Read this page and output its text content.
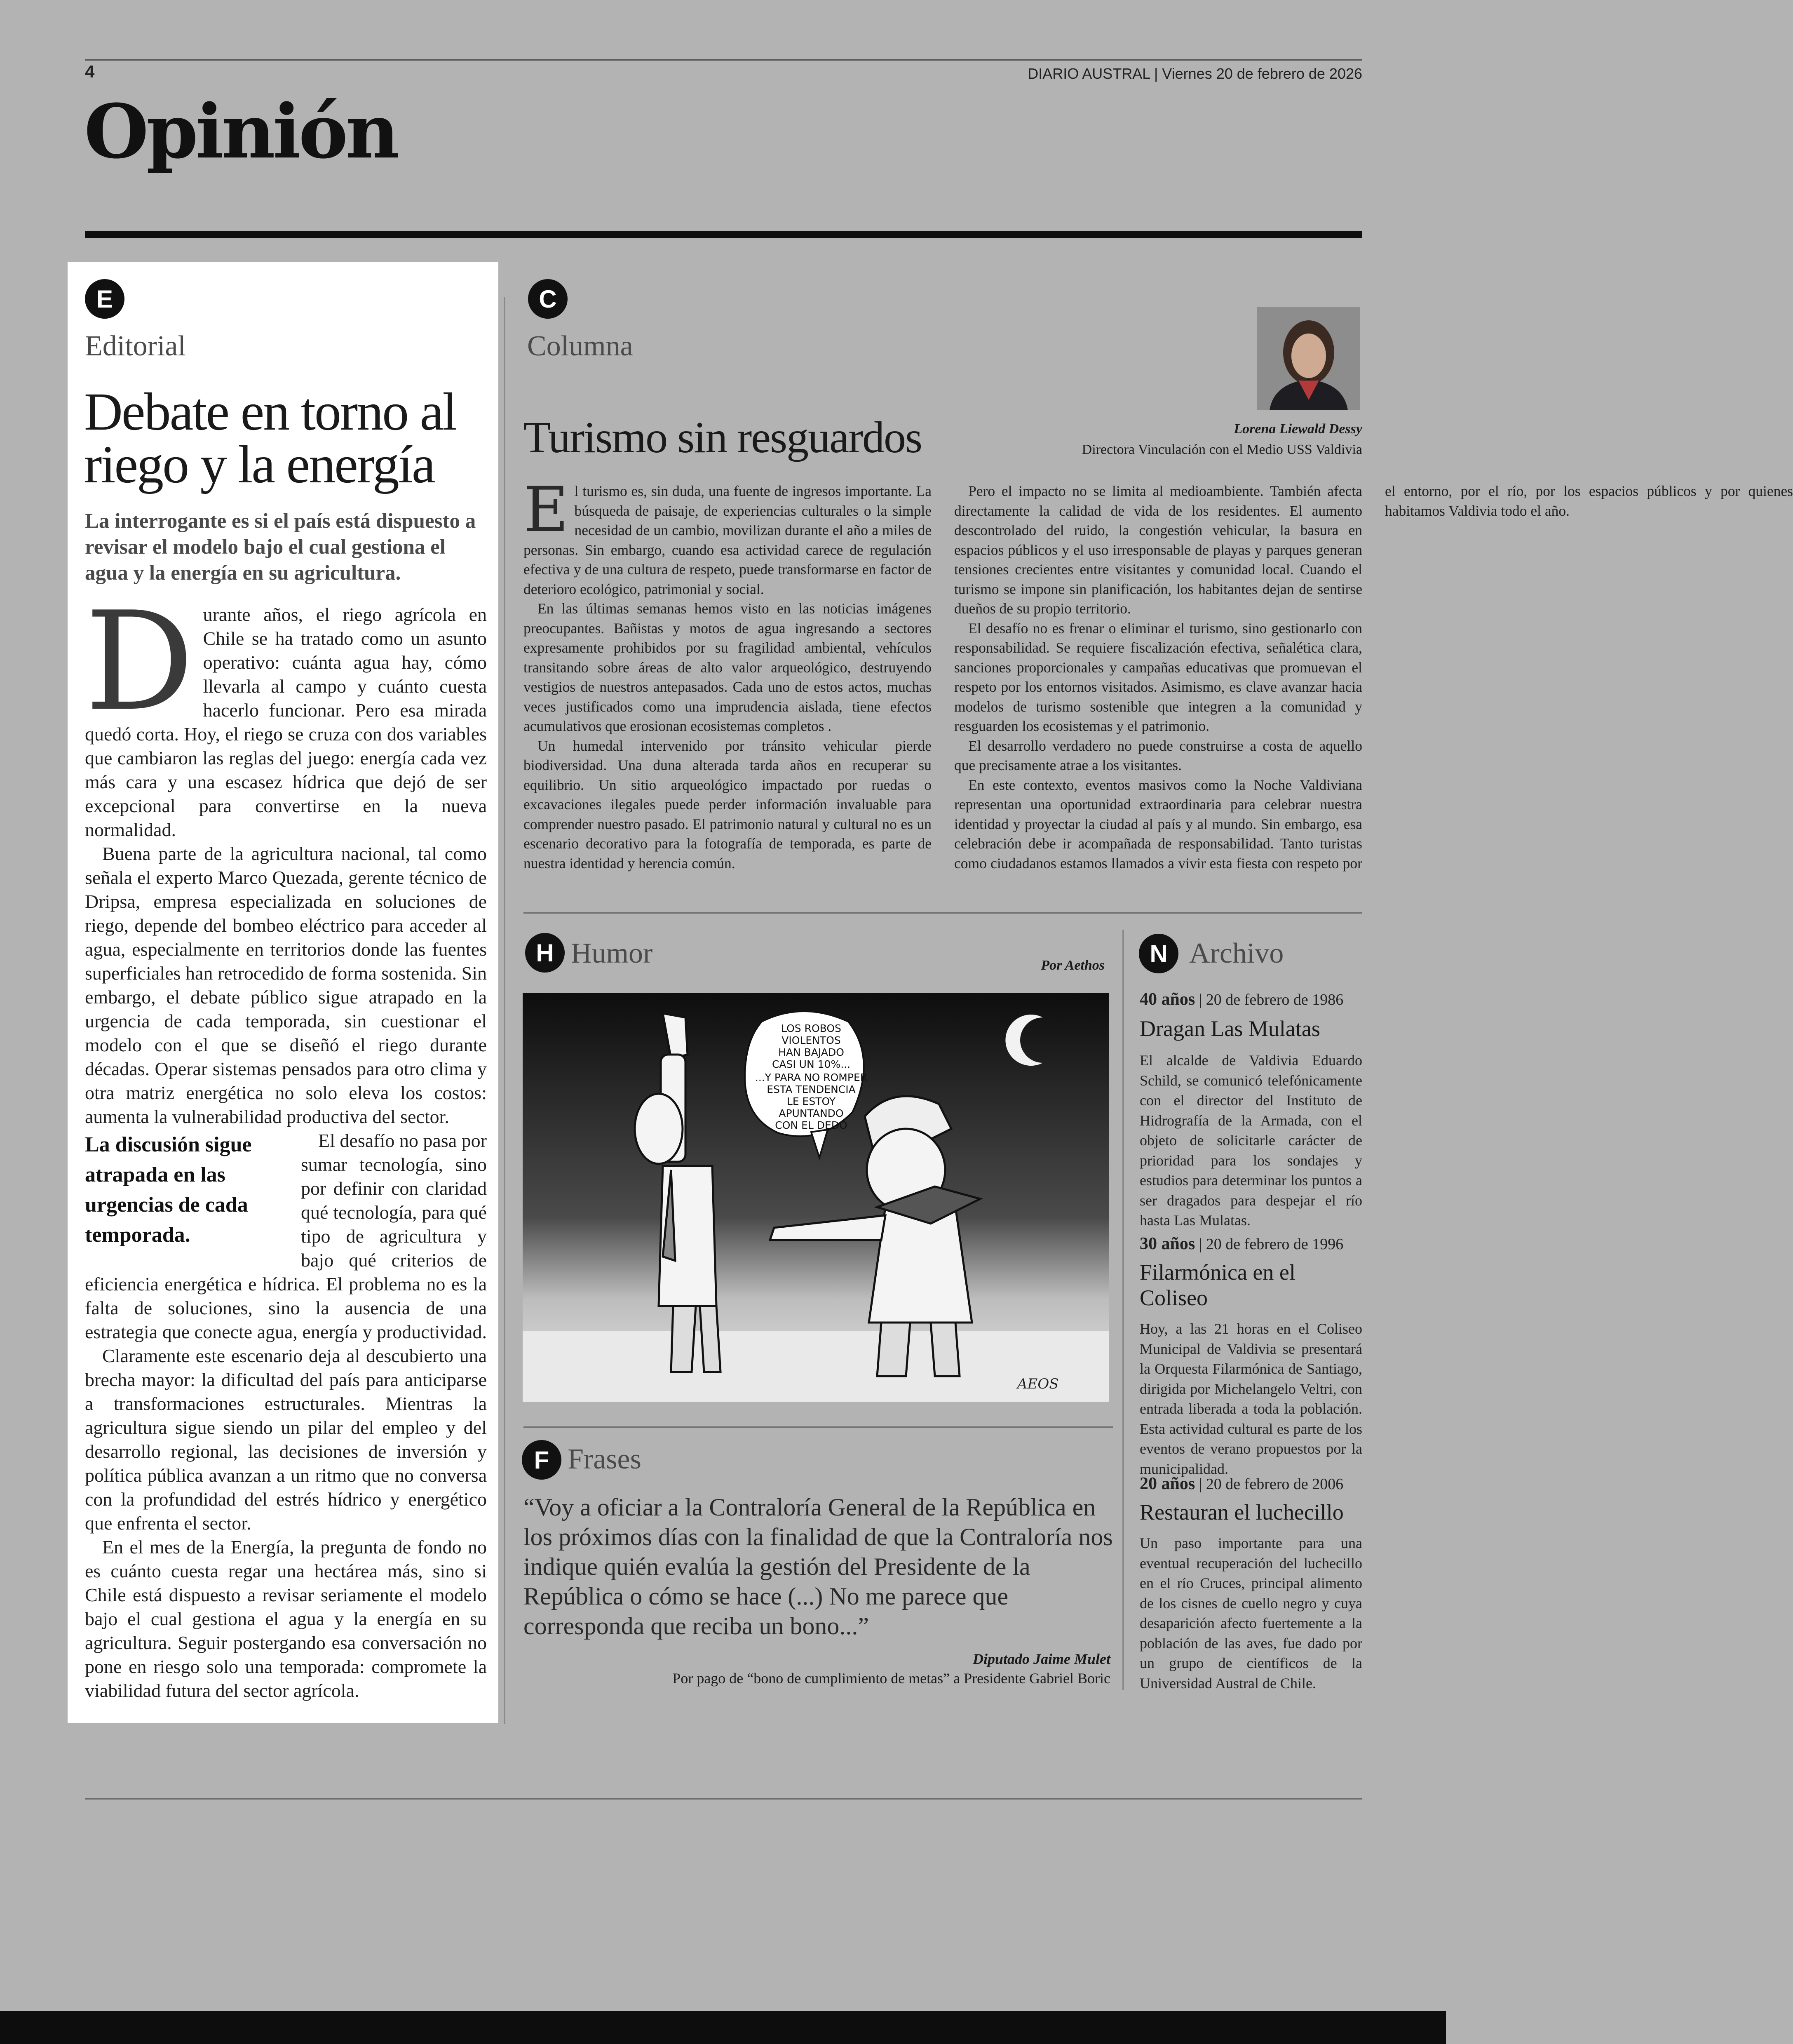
4	DIARIO AUSTRAL | Viernes 20 de febrero de 2026
Opinión
E
Editorial
Debate en torno al riego y la energía
La interrogante es si el país está dispuesto a revisar el modelo bajo el cual gestiona el agua y la energía en su agricultura.

Durante años, el riego agrícola en Chile se ha tratado como un asunto operativo: cuánta agua hay, cómo llevarla al campo y cuánto cuesta hacerlo funcionar. Pero esa mirada quedó corta. Hoy, el riego se cruza con dos variables que cambiaron las reglas del juego: energía cada vez más cara y una escasez hídrica que dejó de ser excepcional para convertirse en la nueva normalidad.

Buena parte de la agricultura nacional, tal como señala el experto Marco Quezada, gerente técnico de Dripsa, empresa especializada en soluciones de riego, depende del bombeo eléctrico para acceder al agua, especialmente en territorios donde las fuentes superficiales han retrocedido de forma sostenida. Sin embargo, el debate público sigue atrapado en la urgencia de cada temporada, sin cuestionar el modelo con el que se diseñó el riego durante décadas. Operar sistemas pensados para otro clima y otra matriz energética no solo eleva los costos: aumenta la vulnerabilidad productiva del sector.

La discusión sigue atrapada en las urgencias de cada temporada.

El desafío no pasa por sumar tecnología, sino por definir con claridad qué tecnología, para qué tipo de agricultura y bajo qué criterios de eficiencia energética e hídrica. El problema no es la falta de soluciones, sino la ausencia de una estrategia que conecte agua, energía y productividad.

Claramente este escenario deja al descubierto una brecha mayor: la dificultad del país para anticiparse a transformaciones estructurales. Mientras la agricultura sigue siendo un pilar del empleo y del desarrollo regional, las decisiones de inversión y política pública avanzan a un ritmo que no conversa con la profundidad del estrés hídrico y energético que enfrenta el sector.

En el mes de la Energía, la pregunta de fondo no es cuánto cuesta regar una hectárea más, sino si Chile está dispuesto a revisar seriamente el modelo bajo el cual gestiona el agua y la energía en su agricultura. Seguir postergando esa conversación no pone en riesgo solo una temporada: compromete la viabilidad futura del sector agrícola.

C
Columna
Turismo sin resguardos	Lorena Liewald Dessy
Directora Vinculación con el Medio USS Valdivia

El turismo es, sin duda, una fuente de ingresos importante. La búsqueda de paisaje, de experiencias culturales o la simple necesidad de un cambio, movilizan durante el año a miles de personas. Sin embargo, cuando esa actividad carece de regulación efectiva y de una cultura de respeto, puede transformarse en factor de deterioro ecológico, patrimonial y social.

En las últimas semanas hemos visto en las noticias imágenes preocupantes. Bañistas y motos de agua ingresando a sectores expresamente prohibidos por su fragilidad ambiental, vehículos transitando sobre áreas de alto valor arqueológico, destruyendo vestigios de nuestros antepasados. Cada uno de estos actos, muchas veces justificados como una imprudencia aislada, tiene efectos acumulativos que erosionan ecosistemas completos .

Un humedal intervenido por tránsito vehicular pierde biodiversidad. Una duna alterada tarda años en recuperar su equilibrio. Un sitio arqueológico impactado por ruedas o excavaciones ilegales puede perder información invaluable para comprender nuestro pasado. El patrimonio natural y cultural no es un escenario decorativo para la fotografía de temporada, es parte de nuestra identidad y herencia común.

Pero el impacto no se limita al medioambiente. También afecta directamente la calidad de vida de los residentes. El aumento descontrolado del ruido, la congestión vehicular, la basura en espacios públicos y el uso irresponsable de playas y parques generan tensiones crecientes entre visitantes y comunidad local. Cuando el turismo se impone sin planificación, los habitantes dejan de sentirse dueños de su propio territorio.

El desafío no es frenar o eliminar el turismo, sino gestionarlo con responsabilidad. Se requiere fiscalización efectiva, señalética clara, sanciones proporcionales y campañas educativas que promuevan el respeto por los entornos visitados. Asimismo, es clave avanzar hacia modelos de turismo sostenible que integren a la comunidad y resguarden los ecosistemas y el patrimonio.

El desarrollo verdadero no puede construirse a costa de aquello que precisamente atrae a los visitantes.

En este contexto, eventos masivos como la Noche Valdiviana representan una oportunidad extraordinaria para celebrar nuestra identidad y proyectar la ciudad al país y al mundo. Sin embargo, esa celebración debe ir acompañada de responsabilidad. Tanto turistas como ciudadanos estamos llamados a vivir esta fiesta con respeto por el entorno, por el río, por los espacios públicos y por quienes habitamos Valdivia todo el año.

H Humor	Por Aethos
LOS ROBOS
VIOLENTOS
HAN BAJADO
CASI UN 10%...
...Y PARA NO ROMPER
ESTA TENDENCIA
LE ESTOY
APUNTANDO
CON EL DEDO
AEOS
F Frases
“Voy a oficiar a la Contraloría General de la República en los próximos días con la finalidad de que la Contraloría nos indique quién evalúa la gestión del Presidente de la República o cómo se hace (...) No me parece que corresponda que reciba un bono...”
Diputado Jaime Mulet
Por pago de “bono de cumplimiento de metas” a Presidente Gabriel Boric
N Archivo
40 años | 20 de febrero de 1986
Dragan Las Mulatas
El alcalde de Valdivia Eduardo Schild, se comunicó telefónicamente con el director del Instituto de Hidrografía de la Armada, con el objeto de solicitarle carácter de prioridad para los sondajes y estudios para determinar los puntos a ser dragados para despejar el río hasta Las Mulatas.
30 años | 20 de febrero de 1996
Filarmónica en el Coliseo
Hoy, a las 21 horas en el Coliseo Municipal de Valdivia se presentará la Orquesta Filarmónica de Santiago, dirigida por Michelangelo Veltri, con entrada liberada a toda la población. Esta actividad cultural es parte de los eventos de verano propuestos por la municipalidad.
20 años | 20 de febrero de 2006
Restauran el luchecillo
Un paso importante para una eventual recuperación del luchecillo en el río Cruces, principal alimento de los cisnes de cuello negro y cuya desaparición afecto fuertemente a la población de las aves, fue dado por un grupo de científicos de la Universidad Austral de Chile.
